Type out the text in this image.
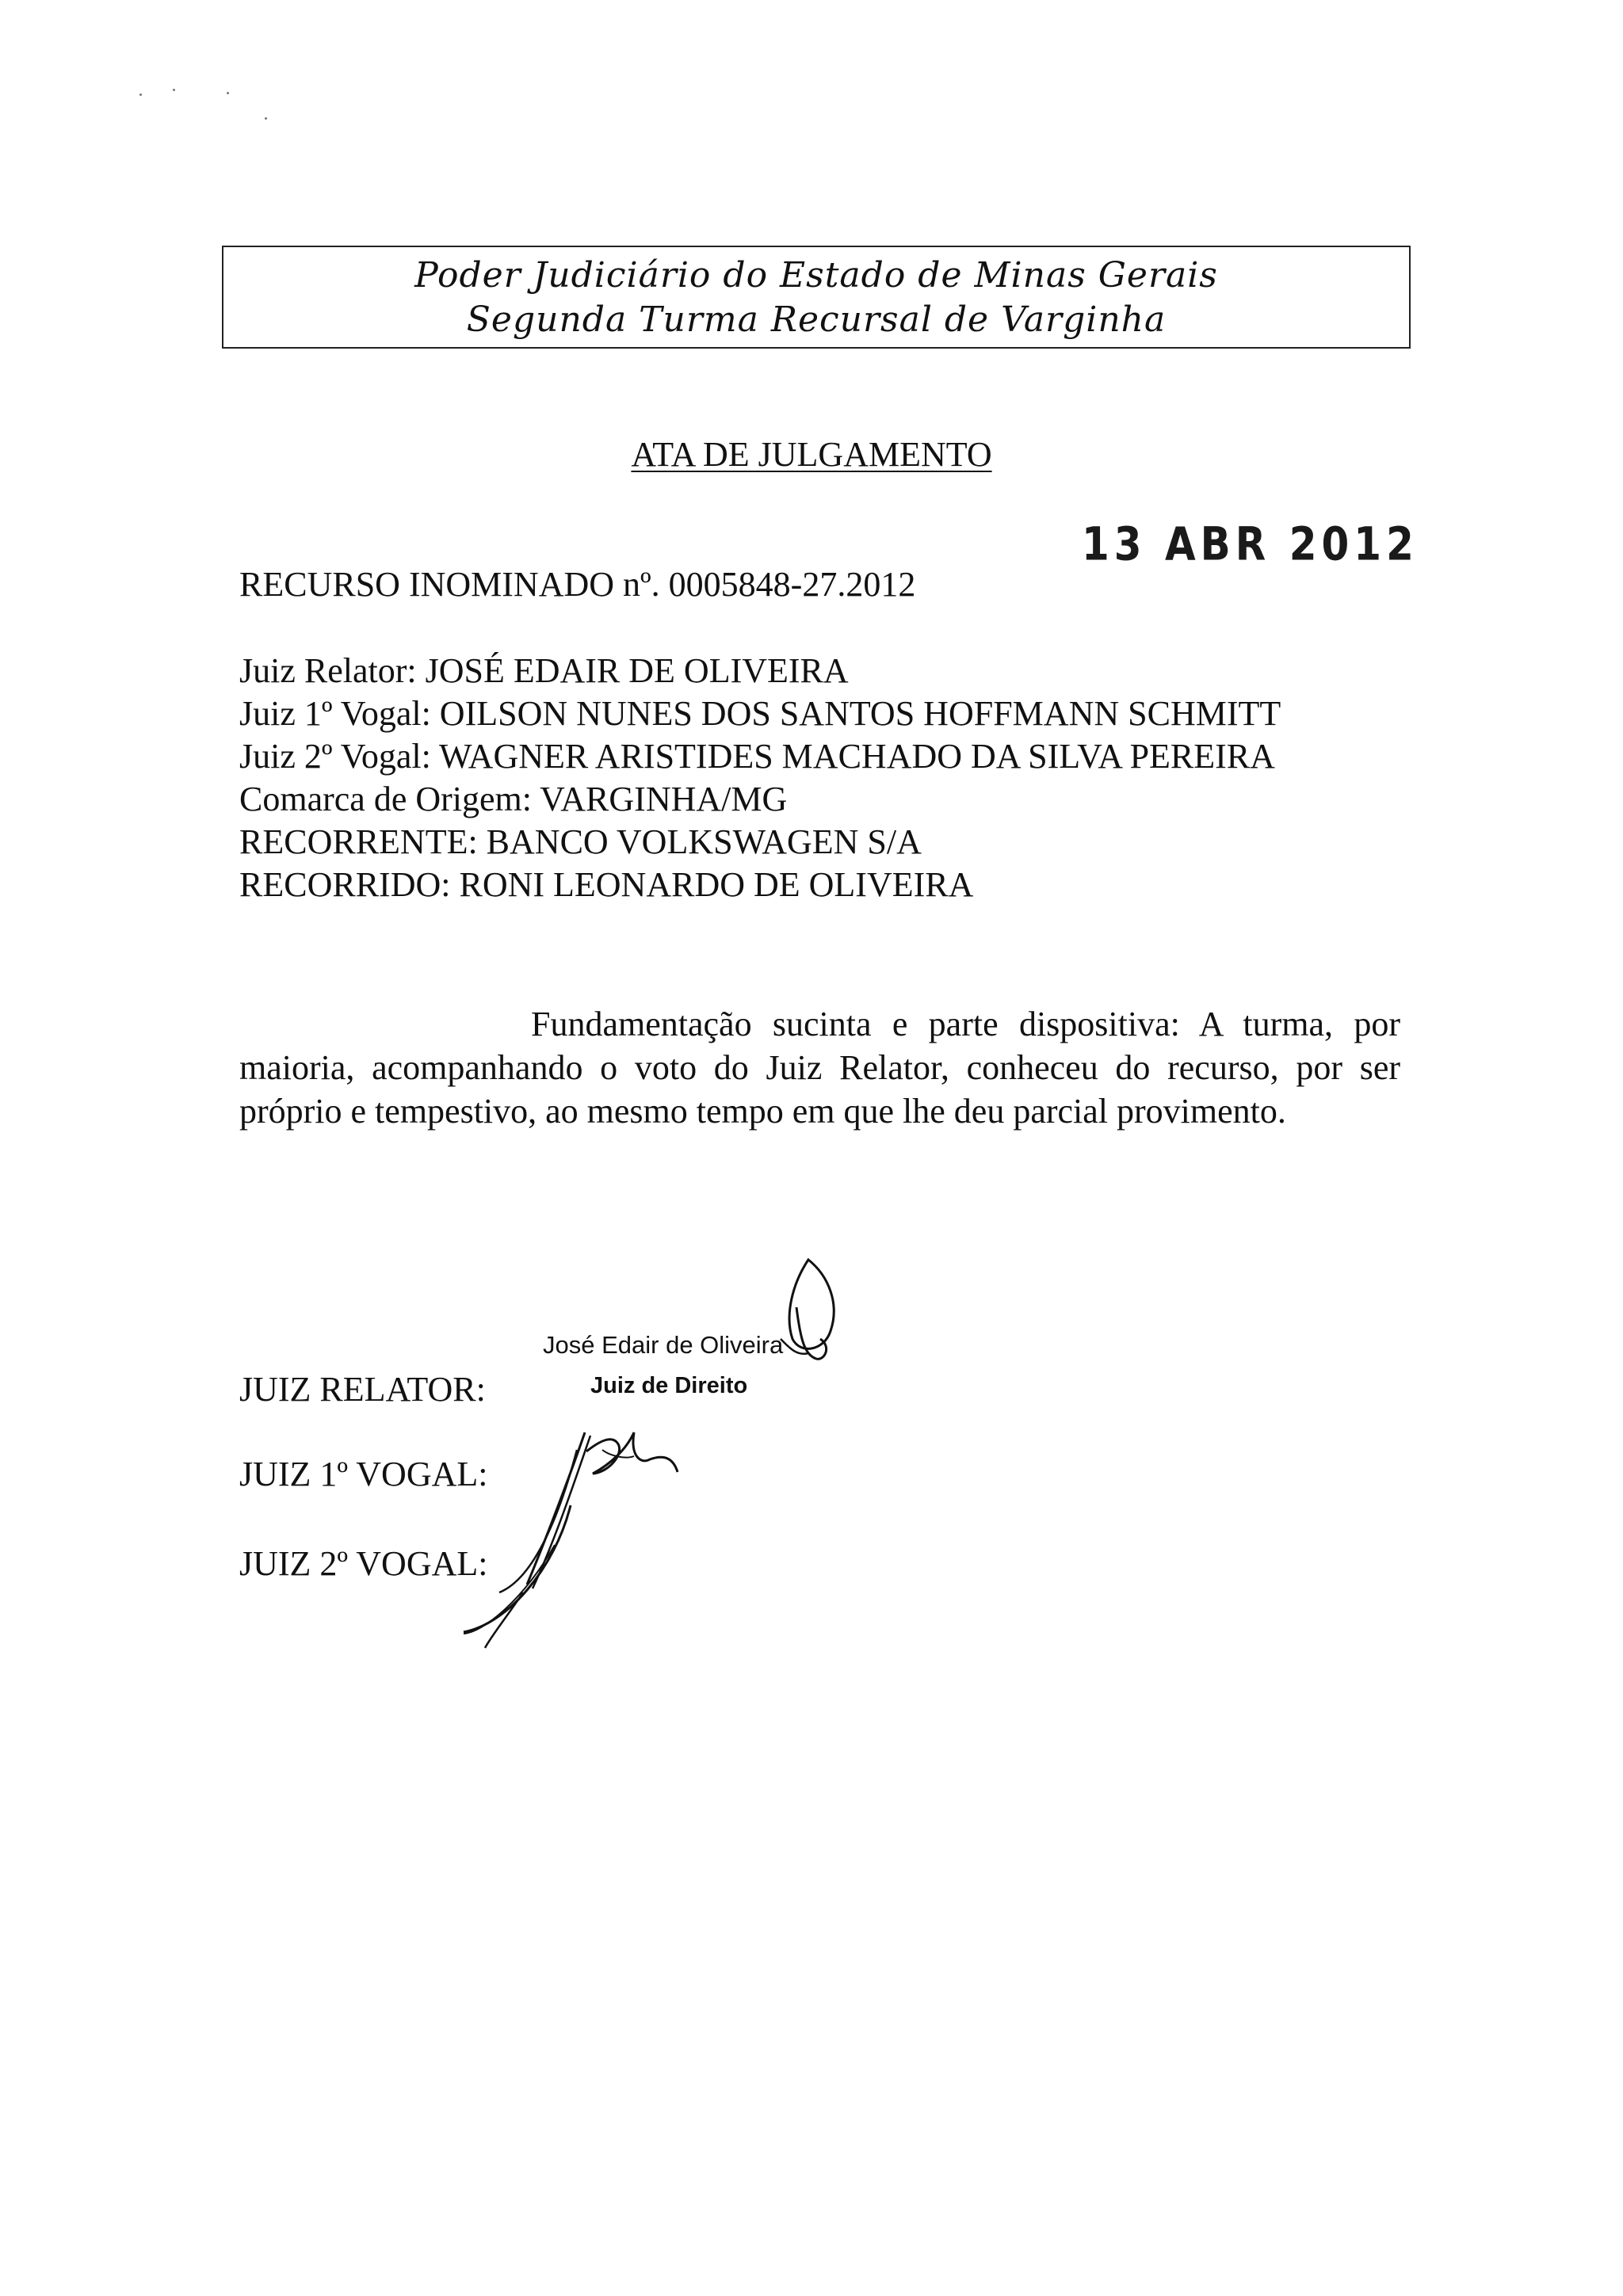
Poder Judiciário do Estado de Minas Gerais
Segunda Turma Recursal de Varginha
ATA DE JULGAMENTO
13 ABR 2012
RECURSO INOMINADO nº. 0005848-27.2012
Juiz Relator: JOSÉ EDAIR DE OLIVEIRA
Juiz 1º Vogal: OILSON NUNES DOS SANTOS HOFFMANN SCHMITT
Juiz 2º Vogal: WAGNER ARISTIDES MACHADO DA SILVA PEREIRA
Comarca de Origem: VARGINHA/MG
RECORRENTE: BANCO VOLKSWAGEN S/A
RECORRIDO: RONI LEONARDO DE OLIVEIRA
Fundamentação sucinta e parte dispositiva: A turma, por maioria, acompanhando o voto do Juiz Relator, conheceu do recurso, por ser próprio e tempestivo, ao mesmo tempo em que lhe deu parcial provimento.
José Edair de Oliveira
Juiz de Direito
JUIZ RELATOR:
JUIZ 1º VOGAL:
JUIZ 2º VOGAL:
